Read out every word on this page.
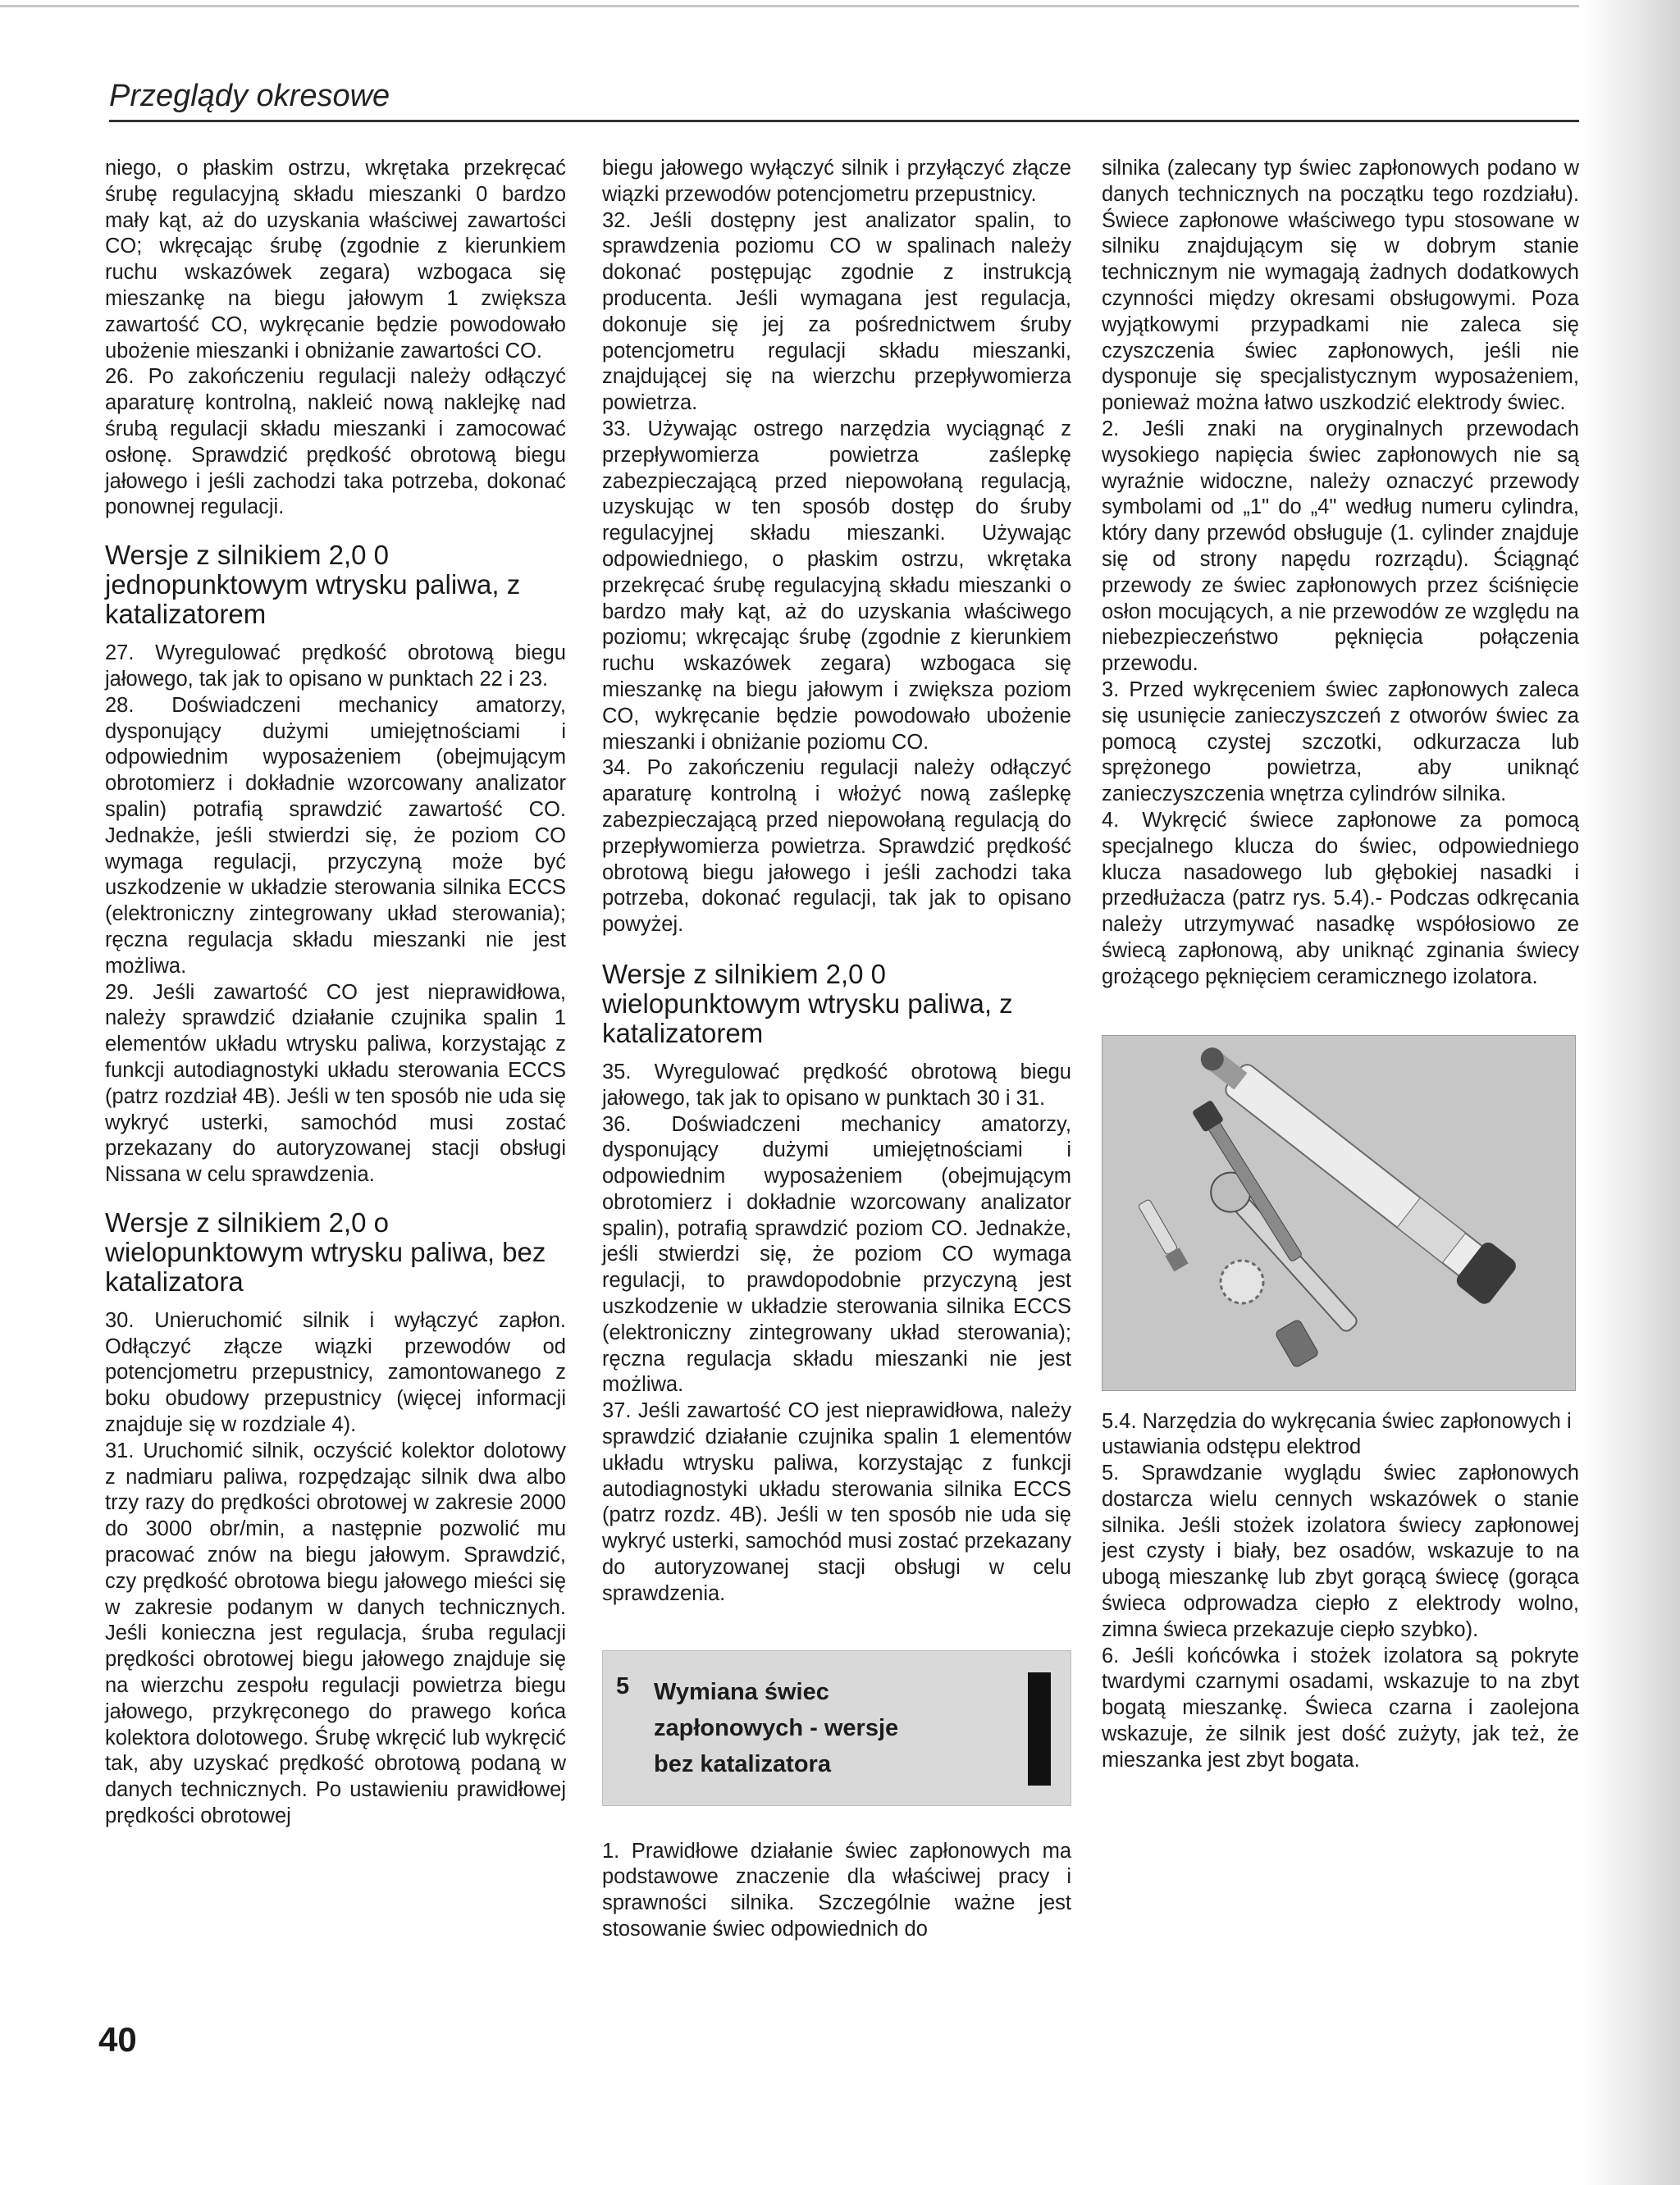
Przeglądy okresowe

niego, o płaskim ostrzu, wkrętaka przekręcać śrubę regulacyjną składu mieszanki 0 bardzo mały kąt, aż do uzyskania właściwej zawartości CO; wkręcając śrubę (zgodnie z kierunkiem ruchu wskazówek zegara) wzbogaca się mieszankę na biegu jałowym 1 zwiększa zawartość CO, wykręcanie będzie powodowało ubożenie mieszanki i obniżanie zawartości CO.

26. Po zakończeniu regulacji należy odłączyć aparaturę kontrolną, nakleić nową naklejkę nad śrubą regulacji składu mieszanki i zamocować osłonę. Sprawdzić prędkość obrotową biegu jałowego i jeśli zachodzi taka potrzeba, dokonać ponownej regulacji.

Wersje z silnikiem 2,0 0 jednopunktowym wtrysku paliwa, z katalizatorem

27. Wyregulować prędkość obrotową biegu jałowego, tak jak to opisano w punktach 22 i 23.

28. Doświadczeni mechanicy amatorzy, dysponujący dużymi umiejętnościami i odpowiednim wyposażeniem (obejmującym obrotomierz i dokładnie wzorcowany analizator spalin) potrafią sprawdzić zawartość CO. Jednakże, jeśli stwierdzi się, że poziom CO wymaga regulacji, przyczyną może być uszkodzenie w układzie sterowania silnika ECCS (elektroniczny zintegrowany układ sterowania); ręczna regulacja składu mieszanki nie jest możliwa.

29. Jeśli zawartość CO jest nieprawidłowa, należy sprawdzić działanie czujnika spalin 1 elementów układu wtrysku paliwa, korzystając z funkcji autodiagnostyki układu sterowania ECCS (patrz rozdział 4B). Jeśli w ten sposób nie uda się wykryć usterki, samochód musi zostać przekazany do autoryzowanej stacji obsługi Nissana w celu sprawdzenia.

Wersje z silnikiem 2,0 o wielopunktowym wtrysku paliwa, bez katalizatora

30. Unieruchomić silnik i wyłączyć zapłon. Odłączyć złącze wiązki przewodów od potencjometru przepustnicy, zamontowanego z boku obudowy przepustnicy (więcej informacji znajduje się w rozdziale 4).

31. Uruchomić silnik, oczyścić kolektor dolotowy z nadmiaru paliwa, rozpędzając silnik dwa albo trzy razy do prędkości obrotowej w zakresie 2000 do 3000 obr/min, a następnie pozwolić mu pracować znów na biegu jałowym. Sprawdzić, czy prędkość obrotowa biegu jałowego mieści się w zakresie podanym w danych technicznych. Jeśli konieczna jest regulacja, śruba regulacji prędkości obrotowej biegu jałowego znajduje się na wierzchu zespołu regulacji powietrza biegu jałowego, przykręconego do prawego końca kolektora dolotowego. Śrubę wkręcić lub wykręcić tak, aby uzyskać prędkość obrotową podaną w danych technicznych. Po ustawieniu prawidłowej prędkości obrotowej

biegu jałowego wyłączyć silnik i przyłączyć złącze wiązki przewodów potencjometru przepustnicy.

32. Jeśli dostępny jest analizator spalin, to sprawdzenia poziomu CO w spalinach należy dokonać postępując zgodnie z instrukcją producenta. Jeśli wymagana jest regulacja, dokonuje się jej za pośrednictwem śruby potencjometru regulacji składu mieszanki, znajdującej się na wierzchu przepływomierza powietrza.

33. Używając ostrego narzędzia wyciągnąć z przepływomierza powietrza zaślepkę zabezpieczającą przed niepowołaną regulacją, uzyskując w ten sposób dostęp do śruby regulacyjnej składu mieszanki. Używając odpowiedniego, o płaskim ostrzu, wkrętaka przekręcać śrubę regulacyjną składu mieszanki o bardzo mały kąt, aż do uzyskania właściwego poziomu; wkręcając śrubę (zgodnie z kierunkiem ruchu wskazówek zegara) wzbogaca się mieszankę na biegu jałowym i zwiększa poziom CO, wykręcanie będzie powodowało ubożenie mieszanki i obniżanie poziomu CO.

34. Po zakończeniu regulacji należy odłączyć aparaturę kontrolną i włożyć nową zaślepkę zabezpieczającą przed niepowołaną regulacją do przepływomierza powietrza. Sprawdzić prędkość obrotową biegu jałowego i jeśli zachodzi taka potrzeba, dokonać regulacji, tak jak to opisano powyżej.

Wersje z silnikiem 2,0 0 wielopunktowym wtrysku paliwa, z katalizatorem

35. Wyregulować prędkość obrotową biegu jałowego, tak jak to opisano w punktach 30 i 31.

36. Doświadczeni mechanicy amatorzy, dysponujący dużymi umiejętnościami i odpowiednim wyposażeniem (obejmującym obrotomierz i dokładnie wzorcowany analizator spalin), potrafią sprawdzić poziom CO. Jednakże, jeśli stwierdzi się, że poziom CO wymaga regulacji, to prawdopodobnie przyczyną jest uszkodzenie w układzie sterowania silnika ECCS (elektroniczny zintegrowany układ sterowania); ręczna regulacja składu mieszanki nie jest możliwa.

37. Jeśli zawartość CO jest nieprawidłowa, należy sprawdzić działanie czujnika spalin 1 elementów układu wtrysku paliwa, korzystając z funkcji autodiagnostyki układu sterowania silnika ECCS (patrz rozdz. 4B). Jeśli w ten sposób nie uda się wykryć usterki, samochód musi zostać przekazany do autoryzowanej stacji obsługi w celu sprawdzenia.

5 Wymiana świec zapłonowych - wersje bez katalizatora

1. Prawidłowe działanie świec zapłonowych ma podstawowe znaczenie dla właściwej pracy i sprawności silnika. Szczególnie ważne jest stosowanie świec odpowiednich do

silnika (zalecany typ świec zapłonowych podano w danych technicznych na początku tego rozdziału). Świece zapłonowe właściwego typu stosowane w silniku znajdującym się w dobrym stanie technicznym nie wymagają żadnych dodatkowych czynności między okresami obsługowymi. Poza wyjątkowymi przypadkami nie zaleca się czyszczenia świec zapłonowych, jeśli nie dysponuje się specjalistycznym wyposażeniem, ponieważ można łatwo uszkodzić elektrody świec.

2. Jeśli znaki na oryginalnych przewodach wysokiego napięcia świec zapłonowych nie są wyraźnie widoczne, należy oznaczyć przewody symbolami od „1" do „4" według numeru cylindra, który dany przewód obsługuje (1. cylinder znajduje się od strony napędu rozrządu). Ściągnąć przewody ze świec zapłonowych przez ściśnięcie osłon mocujących, a nie przewodów ze względu na niebezpieczeństwo pęknięcia połączenia przewodu.

3. Przed wykręceniem świec zapłonowych zaleca się usunięcie zanieczyszczeń z otworów świec za pomocą czystej szczotki, odkurzacza lub sprężonego powietrza, aby uniknąć zanieczyszczenia wnętrza cylindrów silnika.

4. Wykręcić świece zapłonowe za pomocą specjalnego klucza do świec, odpowiedniego klucza nasadowego lub głębokiej nasadki i przedłużacza (patrz rys. 5.4).- Podczas odkręcania należy utrzymywać nasadkę współosiowo ze świecą zapłonową, aby uniknąć zginania świecy grożącego pęknięciem ceramicznego izolatora.

5.4. Narzędzia do wykręcania świec zapłonowych i ustawiania odstępu elektrod

5. Sprawdzanie wyglądu świec zapłonowych dostarcza wielu cennych wskazówek o stanie silnika. Jeśli stożek izolatora świecy zapłonowej jest czysty i biały, bez osadów, wskazuje to na ubogą mieszankę lub zbyt gorącą świecę (gorąca świeca odprowadza ciepło z elektrody wolno, zimna świeca przekazuje ciepło szybko).

6. Jeśli końcówka i stożek izolatora są pokryte twardymi czarnymi osadami, wskazuje to na zbyt bogatą mieszankę. Świeca czarna i zaolejona wskazuje, że silnik jest dość zużyty, jak też, że mieszanka jest zbyt bogata.

40
